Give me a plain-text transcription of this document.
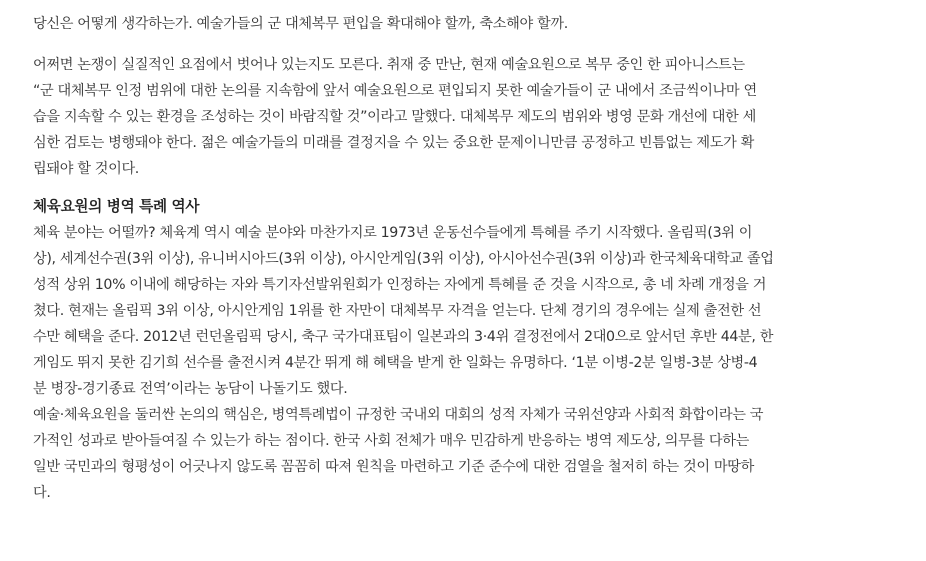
당신은 어떻게 생각하는가. 예술가들의 군 대체복무 편입을 확대해야 할까, 축소해야 할까.

어쩌면 논쟁이 실질적인 요점에서 벗어나 있는지도 모른다. 취재 중 만난, 현재 예술요원으로 복무 중인 한 피아니스트는
“군 대체복무 인정 범위에 대한 논의를 지속함에 앞서 예술요원으로 편입되지 못한 예술가들이 군 내에서 조금씩이나마 연
습을 지속할 수 있는 환경을 조성하는 것이 바람직할 것”이라고 말했다. 대체복무 제도의 범위와 병영 문화 개선에 대한 세
심한 검토는 병행돼야 한다. 젊은 예술가들의 미래를 결정지을 수 있는 중요한 문제이니만큼 공정하고 빈틈없는 제도가 확
립돼야 할 것이다.

체육요원의 병역 특례 역사

체육 분야는 어떨까? 체육계 역시 예술 분야와 마찬가지로 1973년 운동선수들에게 특혜를 주기 시작했다. 올림픽(3위 이
상), 세계선수권(3위 이상), 유니버시아드(3위 이상), 아시안게임(3위 이상), 아시아선수권(3위 이상)과 한국체육대학교 졸업
성적 상위 10% 이내에 해당하는 자와 특기자선발위원회가 인정하는 자에게 특혜를 준 것을 시작으로, 총 네 차례 개정을 거
쳤다. 현재는 올림픽 3위 이상, 아시안게임 1위를 한 자만이 대체복무 자격을 얻는다. 단체 경기의 경우에는 실제 출전한 선
수만 혜택을 준다. 2012년 런던올림픽 당시, 축구 국가대표팀이 일본과의 3·4위 결정전에서 2대0으로 앞서던 후반 44분, 한
게임도 뛰지 못한 김기희 선수를 출전시켜 4분간 뛰게 해 혜택을 받게 한 일화는 유명하다. ‘1분 이병-2분 일병-3분 상병-4
분 병장-경기종료 전역’이라는 농담이 나돌기도 했다.

예술·체육요원을 둘러싼 논의의 핵심은, 병역특례법이 규정한 국내외 대회의 성적 자체가 국위선양과 사회적 화합이라는 국
가적인 성과로 받아들여질 수 있는가 하는 점이다. 한국 사회 전체가 매우 민감하게 반응하는 병역 제도상, 의무를 다하는
일반 국민과의 형평성이 어긋나지 않도록 꼼꼼히 따져 원칙을 마련하고 기준 준수에 대한 검열을 철저히 하는 것이 마땅하
다.
